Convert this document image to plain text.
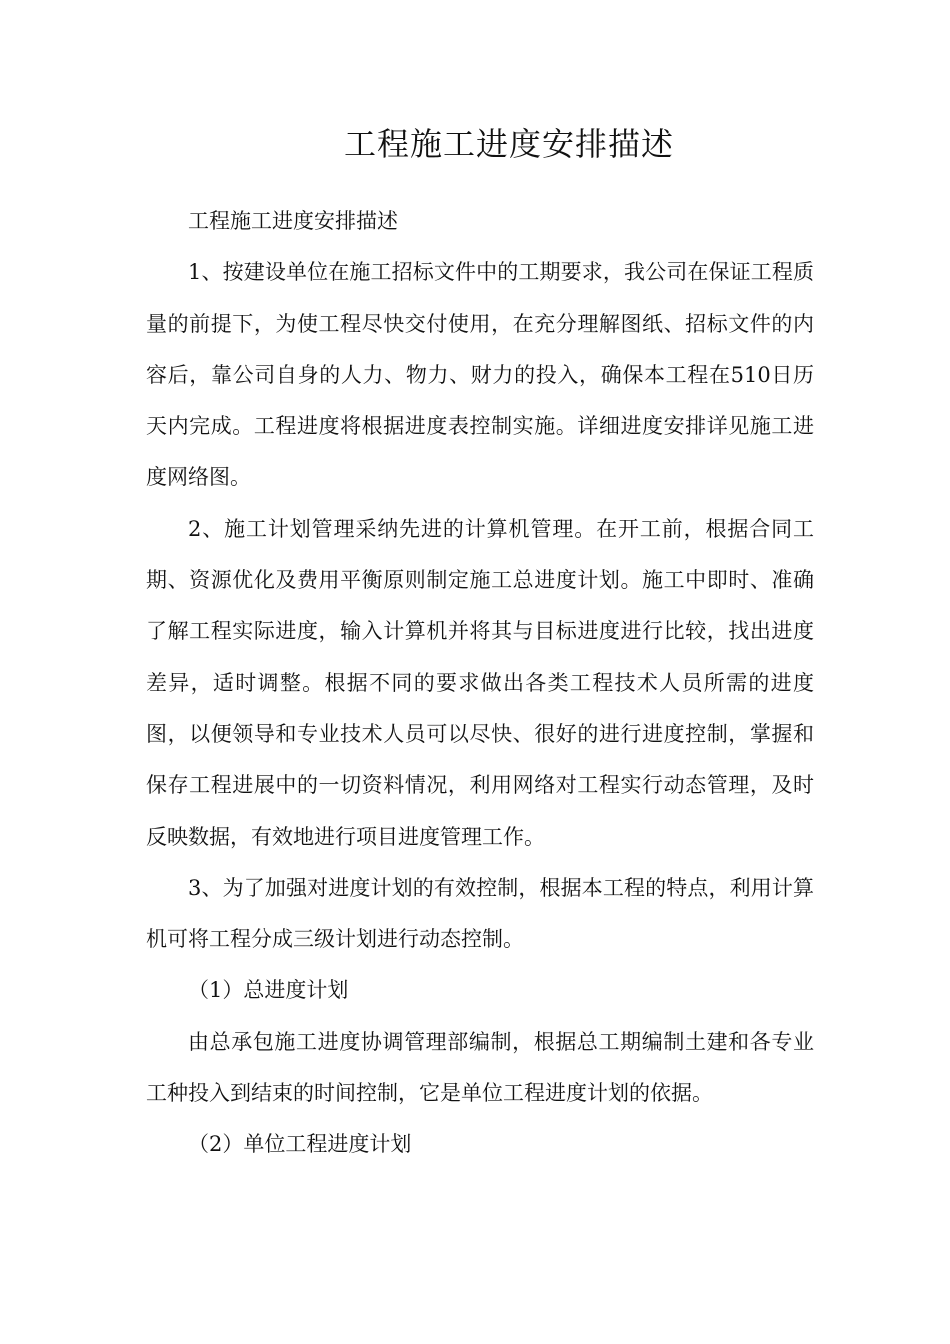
工程施工进度安排描述

工程施工进度安排描述

1、按建设单位在施工招标文件中的工期要求，我公司在保证工程质量的前提下，为使工程尽快交付使用，在充分理解图纸、招标文件的内容后，靠公司自身的人力、物力、财力的投入，确保本工程在510日历天内完成。工程进度将根据进度表控制实施。详细进度安排详见施工进度网络图。

2、施工计划管理采纳先进的计算机管理。在开工前，根据合同工期、资源优化及费用平衡原则制定施工总进度计划。施工中即时、准确了解工程实际进度，输入计算机并将其与目标进度进行比较，找出进度差异，适时调整。根据不同的要求做出各类工程技术人员所需的进度图，以便领导和专业技术人员可以尽快、很好的进行进度控制，掌握和保存工程进展中的一切资料情况，利用网络对工程实行动态管理，及时反映数据，有效地进行项目进度管理工作。

3、为了加强对进度计划的有效控制，根据本工程的特点，利用计算机可将工程分成三级计划进行动态控制。

（1）总进度计划

由总承包施工进度协调管理部编制，根据总工期编制土建和各专业工种投入到结束的时间控制，它是单位工程进度计划的依据。

（2）单位工程进度计划
